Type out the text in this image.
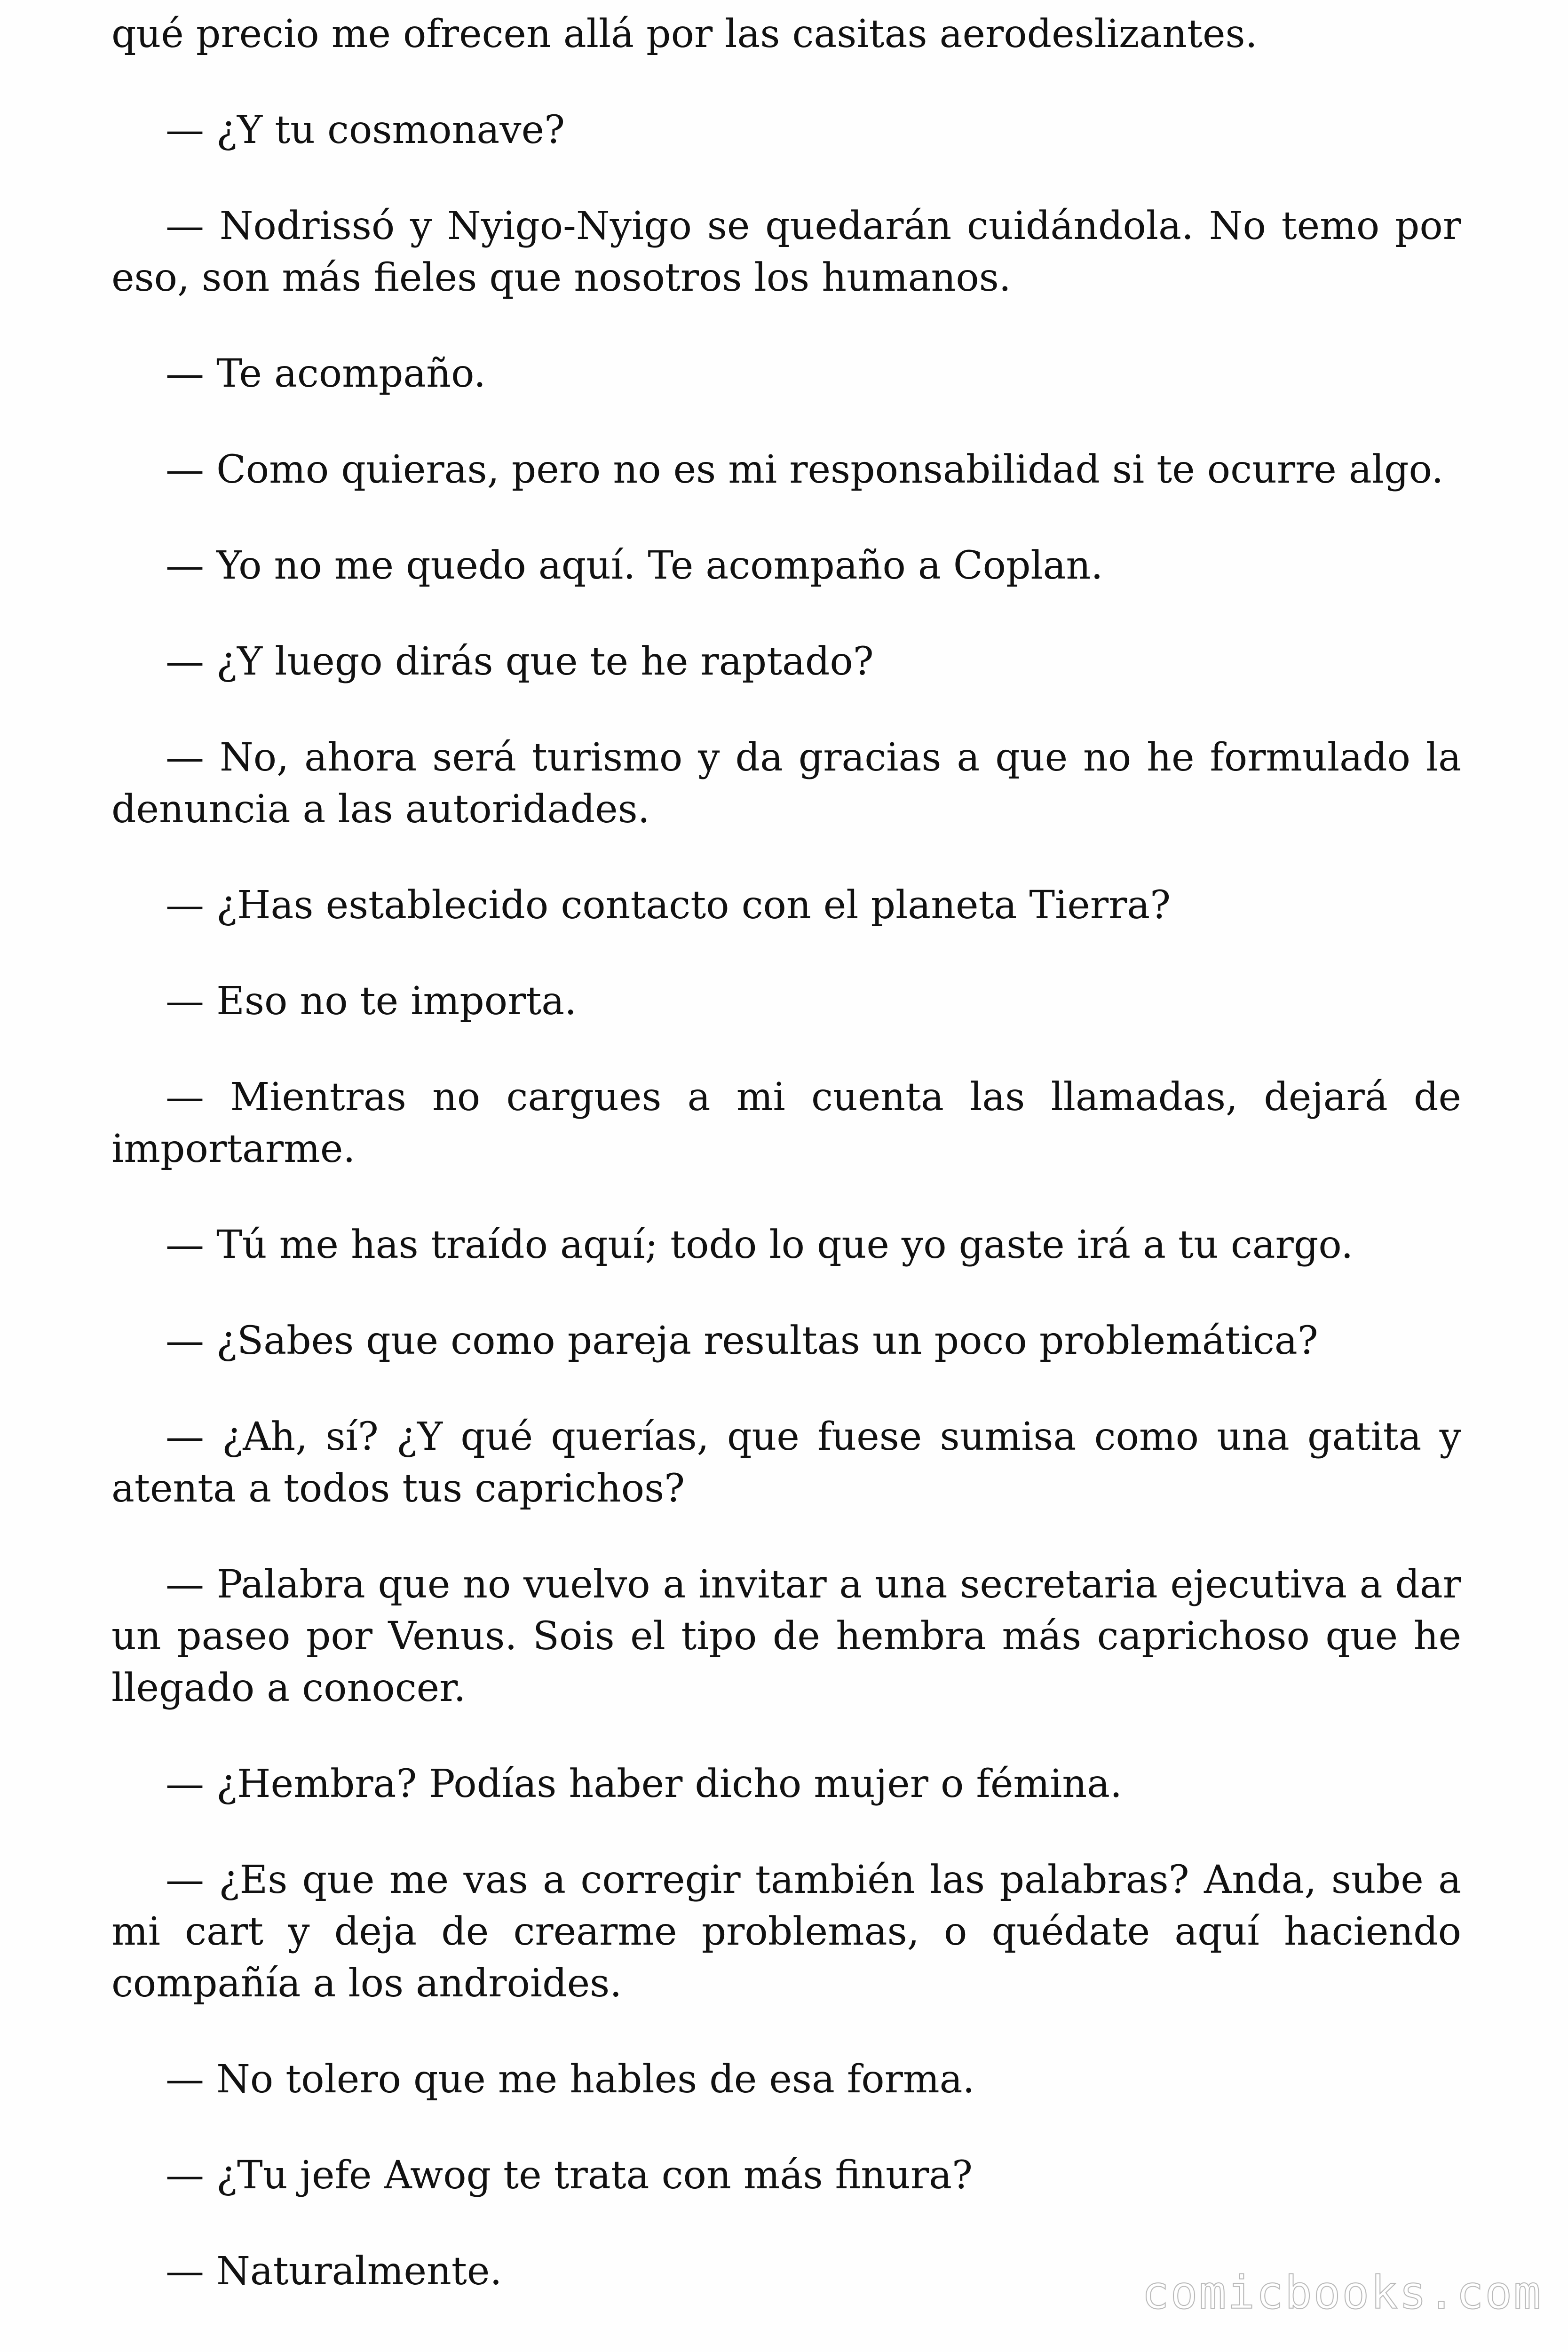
qué precio me ofrecen allá por las casitas aerodeslizantes.

— ¿Y tu cosmonave?

— Nodrissó y Nyigo-Nyigo se quedarán cuidándola. No temo por eso, son más fieles que nosotros los humanos.

— Te acompaño.

— Como quieras, pero no es mi responsabilidad si te ocurre algo.

— Yo no me quedo aquí. Te acompaño a Coplan.

— ¿Y luego dirás que te he raptado?

— No, ahora será turismo y da gracias a que no he formulado la denuncia a las autoridades.

— ¿Has establecido contacto con el planeta Tierra?

— Eso no te importa.

— Mientras no cargues a mi cuenta las llamadas, dejará de importarme.

— Tú me has traído aquí; todo lo que yo gaste irá a tu cargo.

— ¿Sabes que como pareja resultas un poco problemática?

— ¿Ah, sí? ¿Y qué querías, que fuese sumisa como una gatita y atenta a todos tus caprichos?

— Palabra que no vuelvo a invitar a una secretaria ejecutiva a dar un paseo por Venus. Sois el tipo de hembra más caprichoso que he llegado a conocer.

— ¿Hembra? Podías haber dicho mujer o fémina.

— ¿Es que me vas a corregir también las palabras? Anda, sube a mi cart y deja de crearme problemas, o quédate aquí haciendo compañía a los androides.

— No tolero que me hables de esa forma.

— ¿Tu jefe Awog te trata con más finura?

— Naturalmente.	comicbooks.com
